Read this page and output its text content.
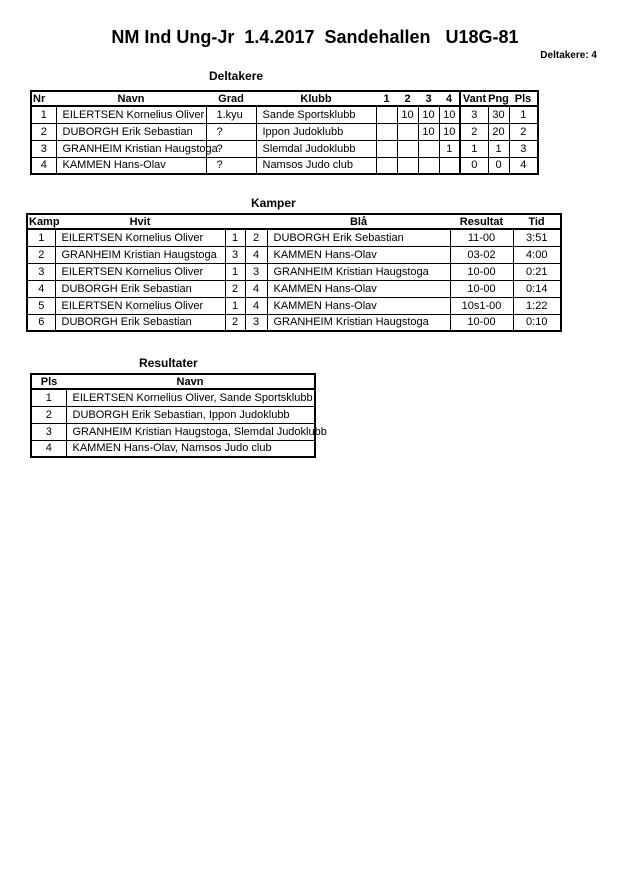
NM Ind Ung-Jr  1.4.2017  Sandehallen   U18G-81
Deltakere: 4
Deltakere
Nr	Navn	Grad	Klubb	1	2	3	4	Vant	Png	Pls
1	EILERTSEN Kornelius Oliver	1.kyu	Sande Sportsklubb		10	10	10	3	30	1
2	DUBORGH Erik Sebastian	?	Ippon Judoklubb			10	10	2	20	2
3	GRANHEIM Kristian Haugstoga	?	Slemdal Judoklubb				1	1	1	3
4	KAMMEN Hans-Olav	?	Namsos Judo club					0	0	4
Kamper
Kamp	Hvit			Blå	Resultat	Tid
1	EILERTSEN Kornelius Oliver	1	2	DUBORGH Erik Sebastian	11-00	3:51
2	GRANHEIM Kristian Haugstoga	3	4	KAMMEN Hans-Olav	03-02	4:00
3	EILERTSEN Kornelius Oliver	1	3	GRANHEIM Kristian Haugstoga	10-00	0:21
4	DUBORGH Erik Sebastian	2	4	KAMMEN Hans-Olav	10-00	0:14
5	EILERTSEN Kornelius Oliver	1	4	KAMMEN Hans-Olav	10s1-00	1:22
6	DUBORGH Erik Sebastian	2	3	GRANHEIM Kristian Haugstoga	10-00	0:10
Resultater
Pls	Navn
1	EILERTSEN Kornelius Oliver, Sande Sportsklubb
2	DUBORGH Erik Sebastian, Ippon Judoklubb
3	GRANHEIM Kristian Haugstoga, Slemdal Judoklubb
4	KAMMEN Hans-Olav, Namsos Judo club
